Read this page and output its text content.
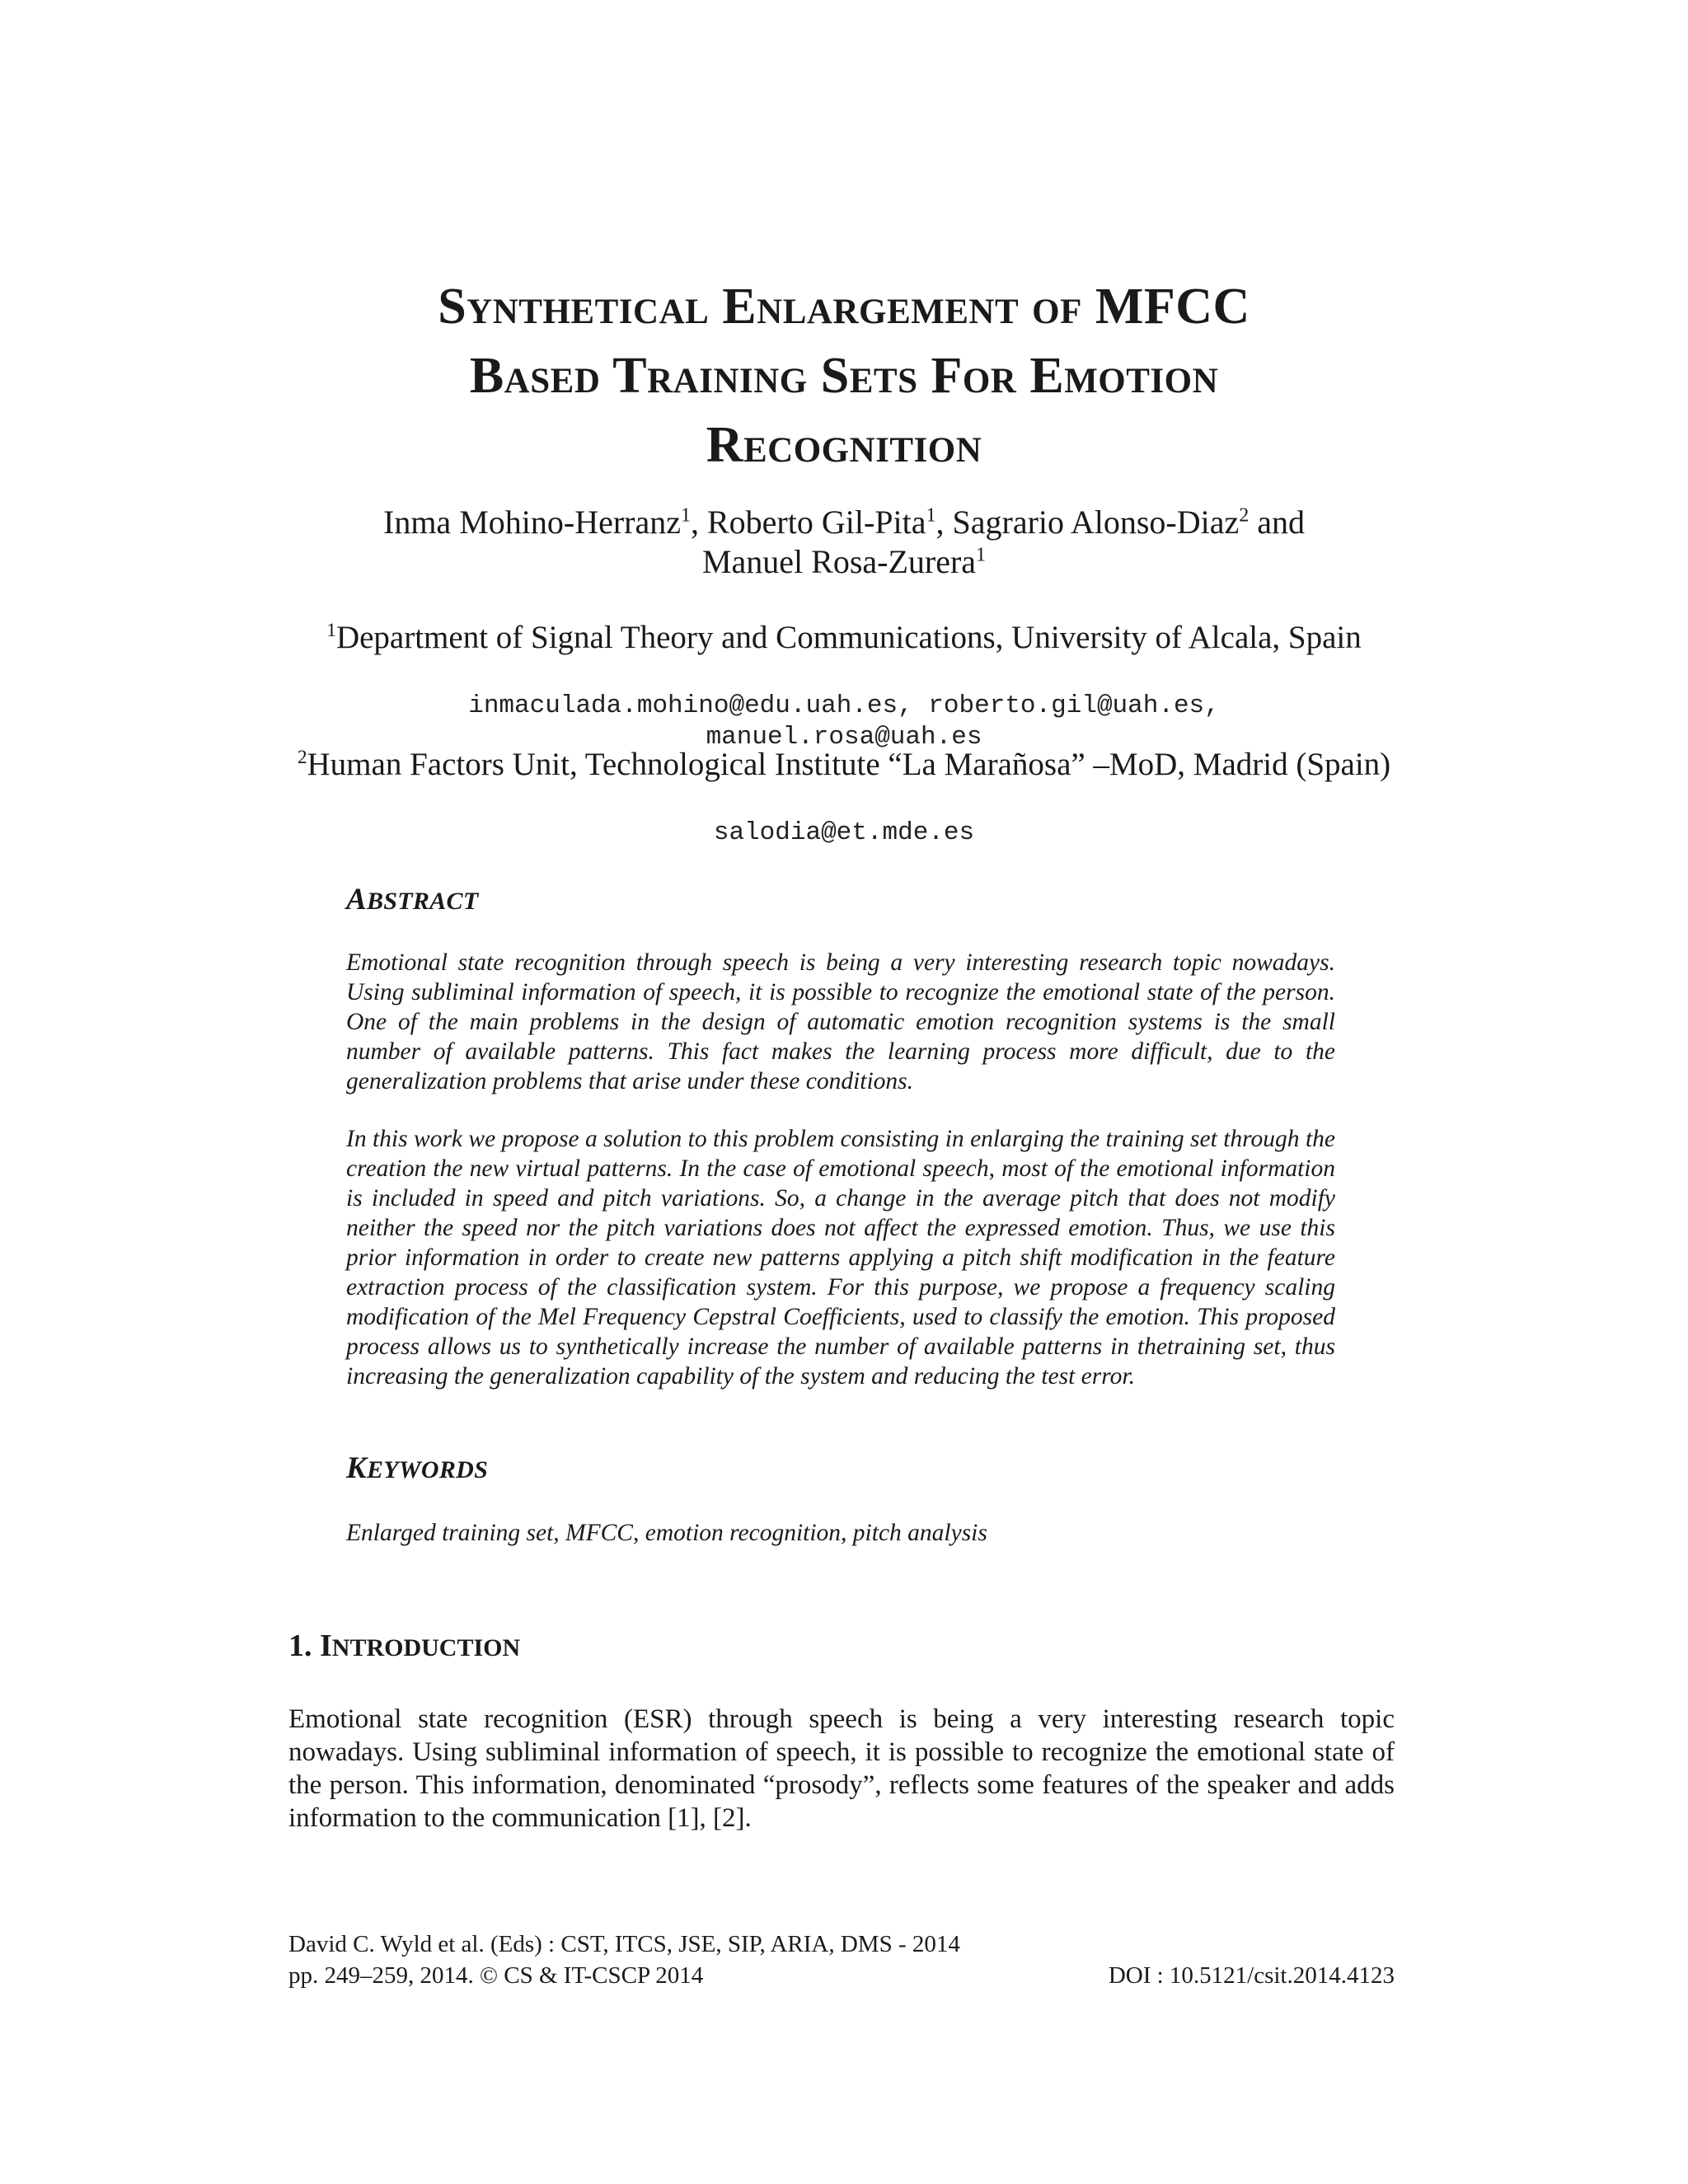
Synthetical Enlargement of MFCC
Based Training Sets For Emotion
Recognition
Inma Mohino-Herranz$^1$, Roberto Gil-Pita$^1$, Sagrario Alonso-Diaz$^2$ and
Manuel Rosa-Zurera$^1$
$^1$Department of Signal Theory and Communications, University of Alcala, Spain
inmaculada.mohino@edu.uah.es, roberto.gil@uah.es,
manuel.rosa@uah.es
$^2$Human Factors Unit, Technological Institute “La Marañosa” –MoD, Madrid (Spain)
salodia@et.mde.es
ABSTRACT
Emotional state recognition through speech is being a very interesting research topic nowadays. Using subliminal information of speech, it is possible to recognize the emotional state of the person. One of the main problems in the design of automatic emotion recognition systems is the small number of available patterns. This fact makes the learning process more difficult, due to the generalization problems that arise under these conditions.
In this work we propose a solution to this problem consisting in enlarging the training set through the creation the new virtual patterns. In the case of emotional speech, most of the emotional information is included in speed and pitch variations. So, a change in the average pitch that does not modify neither the speed nor the pitch variations does not affect the expressed emotion. Thus, we use this prior information in order to create new patterns applying a pitch shift modification in the feature extraction process of the classification system. For this purpose, we propose a frequency scaling modification of the Mel Frequency Cepstral Coefficients, used to classify the emotion. This proposed process allows us to synthetically increase the number of available patterns in thetraining set, thus increasing the generalization capability of the system and reducing the test error.
KEYWORDS
Enlarged training set, MFCC, emotion recognition, pitch analysis
1. INTRODUCTION
Emotional state recognition (ESR) through speech is being a very interesting research topic nowadays. Using subliminal information of speech, it is possible to recognize the emotional state of the person. This information, denominated “prosody”, reflects some features of the speaker and adds information to the communication [1], [2].
David C. Wyld et al. (Eds) : CST, ITCS, JSE, SIP, ARIA, DMS - 2014
pp. 249–259, 2014. © CS & IT-CSCP 2014	DOI : 10.5121/csit.2014.4123
